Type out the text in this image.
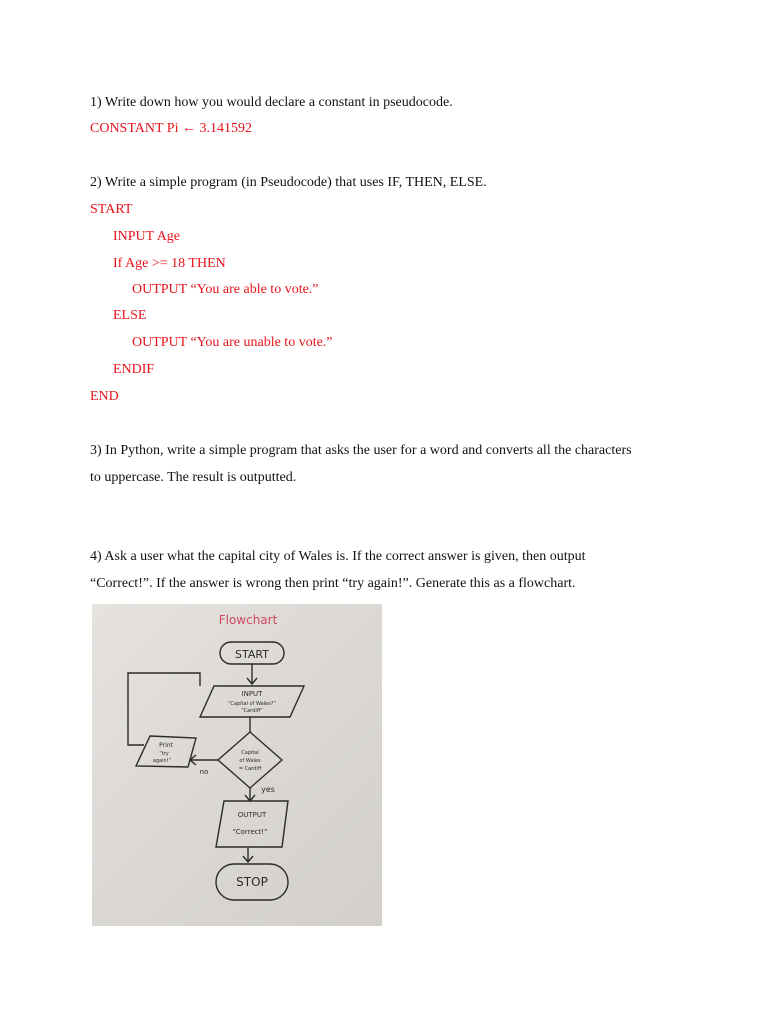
1) Write down how you would declare a constant in pseudocode.
CONSTANT Pi ← 3.141592
2) Write a simple program (in Pseudocode) that uses IF, THEN, ELSE.
START
INPUT Age
If Age >= 18 THEN
OUTPUT “You are able to vote.”
ELSE
OUTPUT “You are unable to vote.”
ENDIF
END
3) In Python, write a simple program that asks the user for a word and converts all the characters
to uppercase. The result is outputted.
4) Ask a user what the capital city of Wales is. If the correct answer is given, then output
“Correct!”. If the answer is wrong then print “try again!”. Generate this as a flowchart.
Flowchart
START
INPUT
“Capital of Wales?”
“Cardiff”
Capital
of Wales
= Cardiff
Print
“try
again!”
no
yes
OUTPUT
“Correct!”
STOP
